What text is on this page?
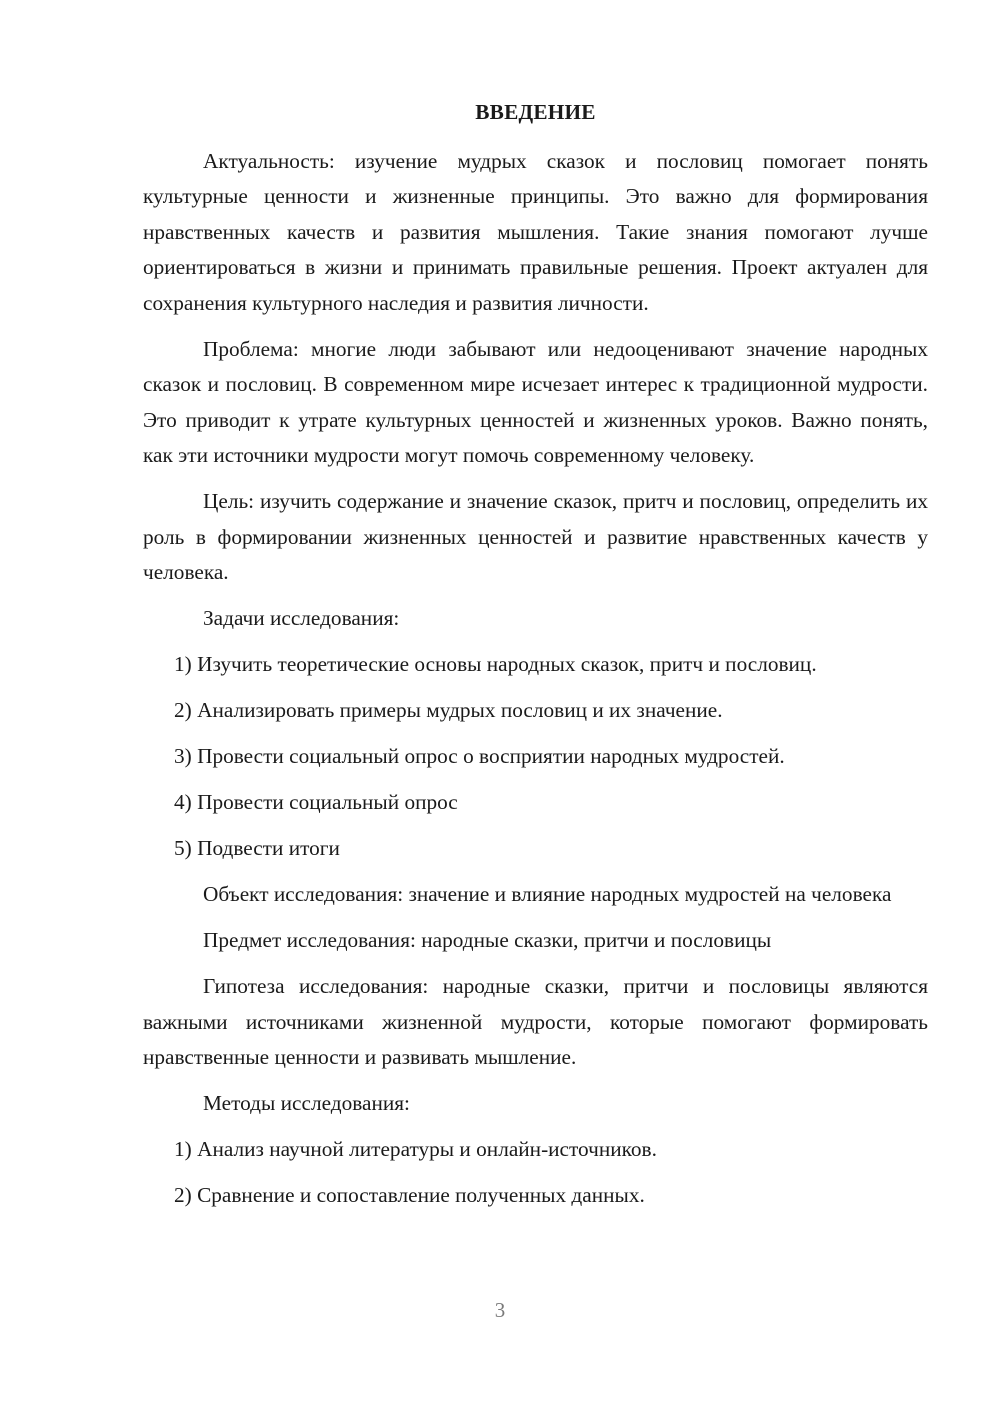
ВВЕДЕНИЕ

Актуальность: изучение мудрых сказок и пословиц помогает понять культурные ценности и жизненные принципы. Это важно для формирования нравственных качеств и развития мышления. Такие знания помогают лучше ориентироваться в жизни и принимать правильные решения. Проект актуален для сохранения культурного наследия и развития личности.

Проблема: многие люди забывают или недооценивают значение народных сказок и пословиц. В современном мире исчезает интерес к традиционной мудрости. Это приводит к утрате культурных ценностей и жизненных уроков. Важно понять, как эти источники мудрости могут помочь современному человеку.

Цель: изучить содержание и значение сказок, притч и пословиц, определить их роль в формировании жизненных ценностей и развитие нравственных качеств у человека.

Задачи исследования:

1) Изучить теоретические основы народных сказок, притч и пословиц.

2) Анализировать примеры мудрых пословиц и их значение.

3) Провести социальный опрос о восприятии народных мудростей.

4) Провести социальный опрос

5) Подвести итоги

Объект исследования: значение и влияние народных мудростей на человека

Предмет исследования: народные сказки, притчи и пословицы

Гипотеза исследования: народные сказки, притчи и пословицы являются важными источниками жизненной мудрости, которые помогают формировать нравственные ценности и развивать мышление.

Методы исследования:

1) Анализ научной литературы и онлайн-источников.

2) Сравнение и сопоставление полученных данных.

3
